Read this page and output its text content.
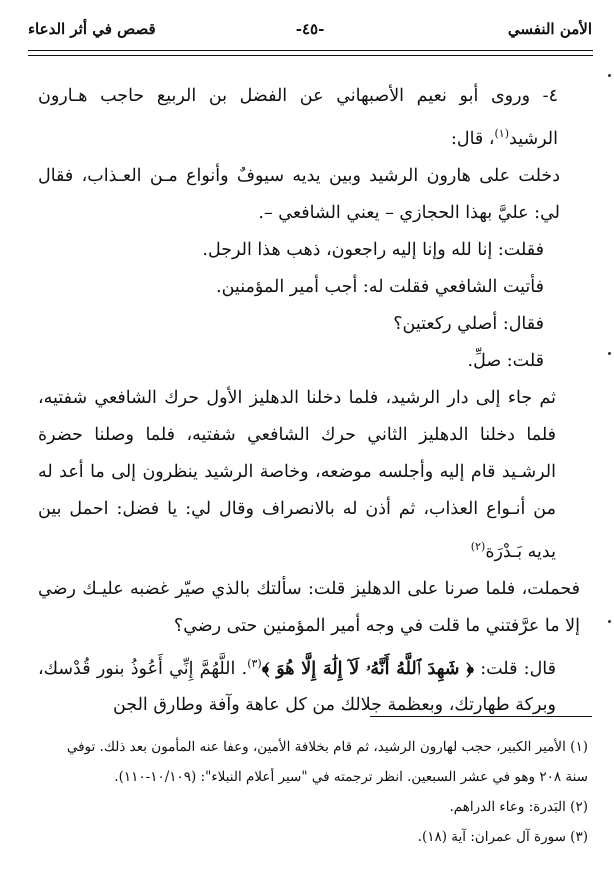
الأمن النفسي
-٤٥-
قصص في أثر الدعاء

٤- وروى أبو نعيم الأصبهاني عن الفضل بن الربيع حاجب هـارون الرشيد$^{(١)}$، قال:

دخلت على هارون الرشيد وبين يديه سيوفٌ وأنواع مـن العـذاب، فقال لي: عليَّ بهذا الحجازي – يعني الشافعي –.

فقلت: إنا لله وإنا إليه راجعون، ذهب هذا الرجل.

فأتيت الشافعي فقلت له: أجب أمير المؤمنين.

فقال: أصلي ركعتين؟

قلت: صلِّ.

ثم جاء إلى دار الرشيد، فلما دخلنا الدهليز الأول حرك الشافعي شفتيه، فلما دخلنا الدهليز الثاني حرك الشافعي شفتيه، فلما وصلنا حضرة الرشـيد قام إليه وأجلسه موضعه، وخاصة الرشيد ينظرون إلى ما أعد له من أنـواع العذاب، ثم أذن له بالانصراف وقال لي: يا فضل: احمل بين يديه بَـدْرَة$^{(٢)}$

فحملت، فلما صرنا على الدهليز قلت: سألتك بالذي صيّر غضبه عليـك رضي إلا ما عرَّفتني ما قلت في وجه أمير المؤمنين حتى رضي؟

قال: قلت: ﴿ شَهِدَ ٱللَّهُ أَنَّهُۥ لَآ إِلَٰهَ إِلَّا هُوَ ﴾$^{(٣)}$. اللَّهُمَّ إِنِّي أَعُوذُ بنور قُدْسك، وبركة طهارتك، وبعظمة جلالك من كل عاهة وآفة وطارق الجن

(١) الأمير الكبير، حجب لهارون الرشيد، ثم قام بخلافة الأمين، وعفا عنه المأمون بعد ذلك. توفي

سنة ٢٠٨ وهو في عشر السبعين. انظر ترجمته في "سير أعلام النبلاء": (١٠/١٠٩-١١٠).

(٢) البَدرة: وعاء الدراهم.

(٣) سورة آل عمران: آية (١٨).
